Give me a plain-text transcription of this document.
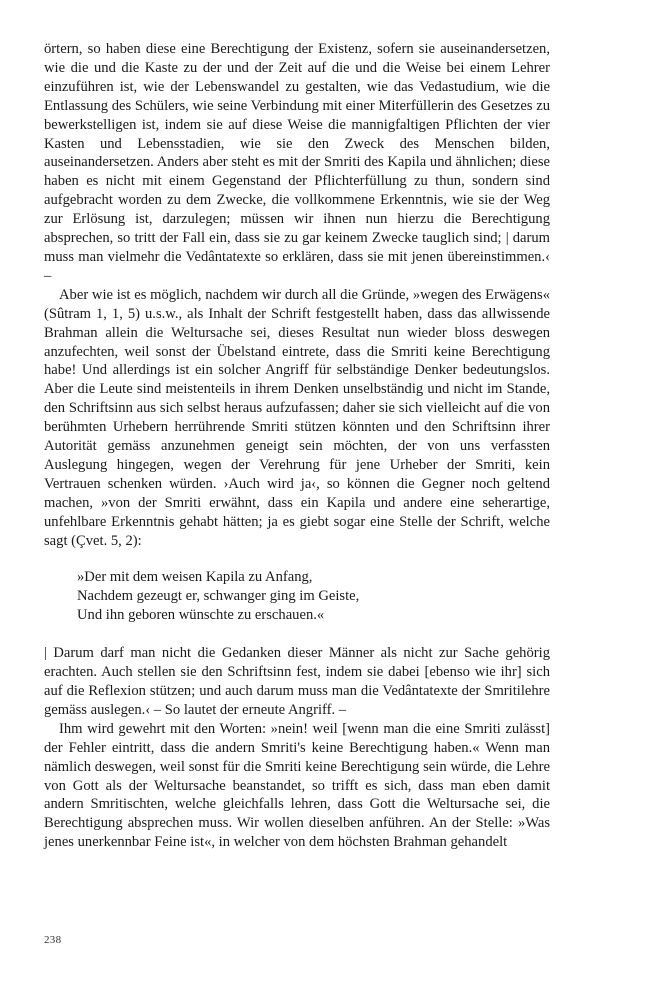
örtern, so haben diese eine Berechtigung der Existenz, sofern sie auseinandersetzen, wie die und die Kaste zu der und der Zeit auf die und die Weise bei einem Lehrer einzuführen ist, wie der Lebenswandel zu gestalten, wie das Vedastudium, wie die Entlassung des Schülers, wie seine Verbindung mit einer Miterfüllerin des Gesetzes zu bewerkstelligen ist, indem sie auf diese Weise die mannigfaltigen Pflichten der vier Kasten und Lebensstadien, wie sie den Zweck des Menschen bilden, auseinandersetzen. Anders aber steht es mit der Smriti des Kapila und ähnlichen; diese haben es nicht mit einem Gegenstand der Pflichterfüllung zu thun, sondern sind aufgebracht worden zu dem Zwecke, die vollkommene Erkenntnis, wie sie der Weg zur Erlösung ist, darzulegen; müssen wir ihnen nun hierzu die Berechtigung absprechen, so tritt der Fall ein, dass sie zu gar keinem Zwecke tauglich sind; | darum muss man vielmehr die Vedântatexte so erklären, dass sie mit jenen übereinstimmen.‹ –

Aber wie ist es möglich, nachdem wir durch all die Gründe, »wegen des Erwägens« (Sûtram 1, 1, 5) u.s.w., als Inhalt der Schrift festgestellt haben, dass das allwissende Brahman allein die Weltursache sei, dieses Resultat nun wieder bloss deswegen anzufechten, weil sonst der Übelstand eintrete, dass die Smriti keine Berechtigung habe! Und allerdings ist ein solcher Angriff für selbständige Denker bedeutungslos. Aber die Leute sind meistenteils in ihrem Denken unselbständig und nicht im Stande, den Schriftsinn aus sich selbst heraus aufzufassen; daher sie sich vielleicht auf die von berühmten Urhebern herrührende Smriti stützen könnten und den Schriftsinn ihrer Autorität gemäss anzunehmen geneigt sein möchten, der von uns verfassten Auslegung hingegen, wegen der Verehrung für jene Urheber der Smriti, kein Vertrauen schenken würden. ›Auch wird ja‹, so können die Gegner noch geltend machen, »von der Smriti erwähnt, dass ein Kapila und andere eine seherartige, unfehlbare Erkenntnis gehabt hätten; ja es giebt sogar eine Stelle der Schrift, welche sagt (Çvet. 5, 2):

»Der mit dem weisen Kapila zu Anfang,
Nachdem gezeugt er, schwanger ging im Geiste,
Und ihn geboren wünschte zu erschauen.«

| Darum darf man nicht die Gedanken dieser Männer als nicht zur Sache gehörig erachten. Auch stellen sie den Schriftsinn fest, indem sie dabei [ebenso wie ihr] sich auf die Reflexion stützen; und auch darum muss man die Vedântatexte der Smritilehre gemäss auslegen.‹ – So lautet der erneute Angriff. –

Ihm wird gewehrt mit den Worten: »nein! weil [wenn man die eine Smriti zulässt] der Fehler eintritt, dass die andern Smriti's keine Berechtigung haben.« Wenn man nämlich deswegen, weil sonst für die Smriti keine Berechtigung sein würde, die Lehre von Gott als der Weltursache beanstandet, so trifft es sich, dass man eben damit andern Smritischten, welche gleichfalls lehren, dass Gott die Weltursache sei, die Berechtigung absprechen muss. Wir wollen dieselben anführen. An der Stelle: »Was jenes unerkennbar Feine ist«, in welcher von dem höchsten Brahman gehandelt

238
